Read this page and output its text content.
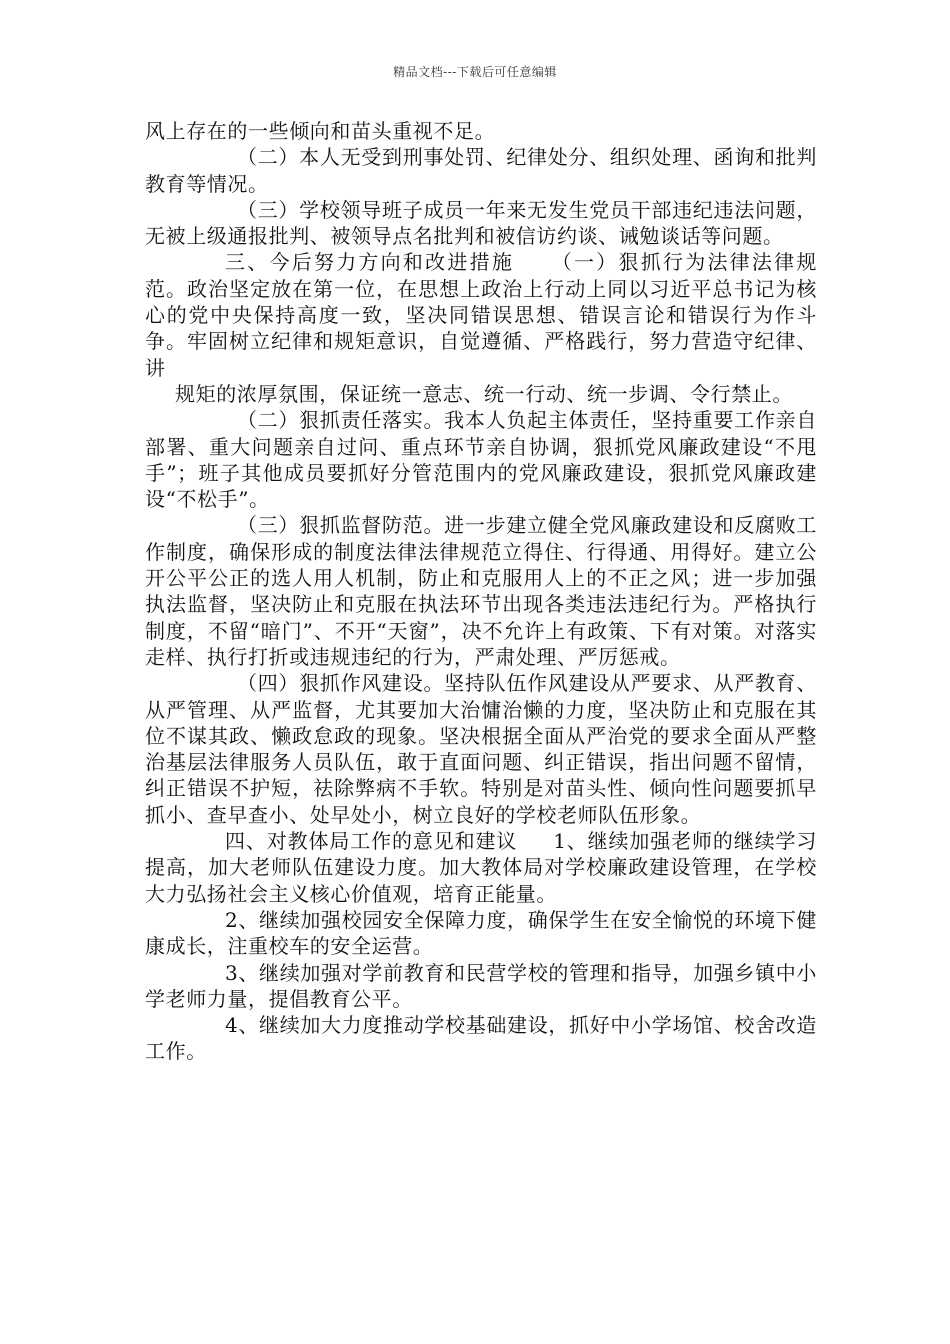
精品文档---下载后可任意编辑

风上存在的一些倾向和苗头重视不足。

（二）本人无受到刑事处罚、纪律处分、组织处理、函询和批判教育等情况。

（三）学校领导班子成员一年来无发生党员干部违纪违法问题，无被上级通报批判、被领导点名批判和被信访约谈、诫勉谈话等问题。

三、今后努力方向和改进措施 （一）狠抓行为法律法律规范。政治坚定放在第一位，在思想上政治上行动上同以习近平总书记为核心的党中央保持高度一致，坚决同错误思想、错误言论和错误行为作斗争。牢固树立纪律和规矩意识，自觉遵循、严格践行，努力营造守纪律、讲

规矩的浓厚氛围，保证统一意志、统一行动、统一步调、令行禁止。

（二）狠抓责任落实。我本人负起主体责任，坚持重要工作亲自部署、重大问题亲自过问、重点环节亲自协调，狠抓党风廉政建设“不甩手”；班子其他成员要抓好分管范围内的党风廉政建设，狠抓党风廉政建设“不松手”。

（三）狠抓监督防范。进一步建立健全党风廉政建设和反腐败工作制度，确保形成的制度法律法律规范立得住、行得通、用得好。建立公开公平公正的选人用人机制，防止和克服用人上的不正之风；进一步加强执法监督，坚决防止和克服在执法环节出现各类违法违纪行为。严格执行制度，不留“暗门”、不开“天窗”，决不允许上有政策、下有对策。对落实走样、执行打折或违规违纪的行为，严肃处理、严厉惩戒。

（四）狠抓作风建设。坚持队伍作风建设从严要求、从严教育、从严管理、从严监督，尤其要加大治慵治懒的力度，坚决防止和克服在其位不谋其政、懒政怠政的现象。坚决根据全面从严治党的要求全面从严整治基层法律服务人员队伍，敢于直面问题、纠正错误，指出问题不留情，纠正错误不护短，祛除弊病不手软。特别是对苗头性、倾向性问题要抓早抓小、查早查小、处早处小，树立良好的学校老师队伍形象。

四、对教体局工作的意见和建议 1、继续加强老师的继续学习提高，加大老师队伍建设力度。加大教体局对学校廉政建设管理，在学校大力弘扬社会主义核心价值观，培育正能量。

2、继续加强校园安全保障力度，确保学生在安全愉悦的环境下健康成长，注重校车的安全运营。

3、继续加强对学前教育和民营学校的管理和指导，加强乡镇中小学老师力量，提倡教育公平。

4、继续加大力度推动学校基础建设，抓好中小学场馆、校舍改造工作。
